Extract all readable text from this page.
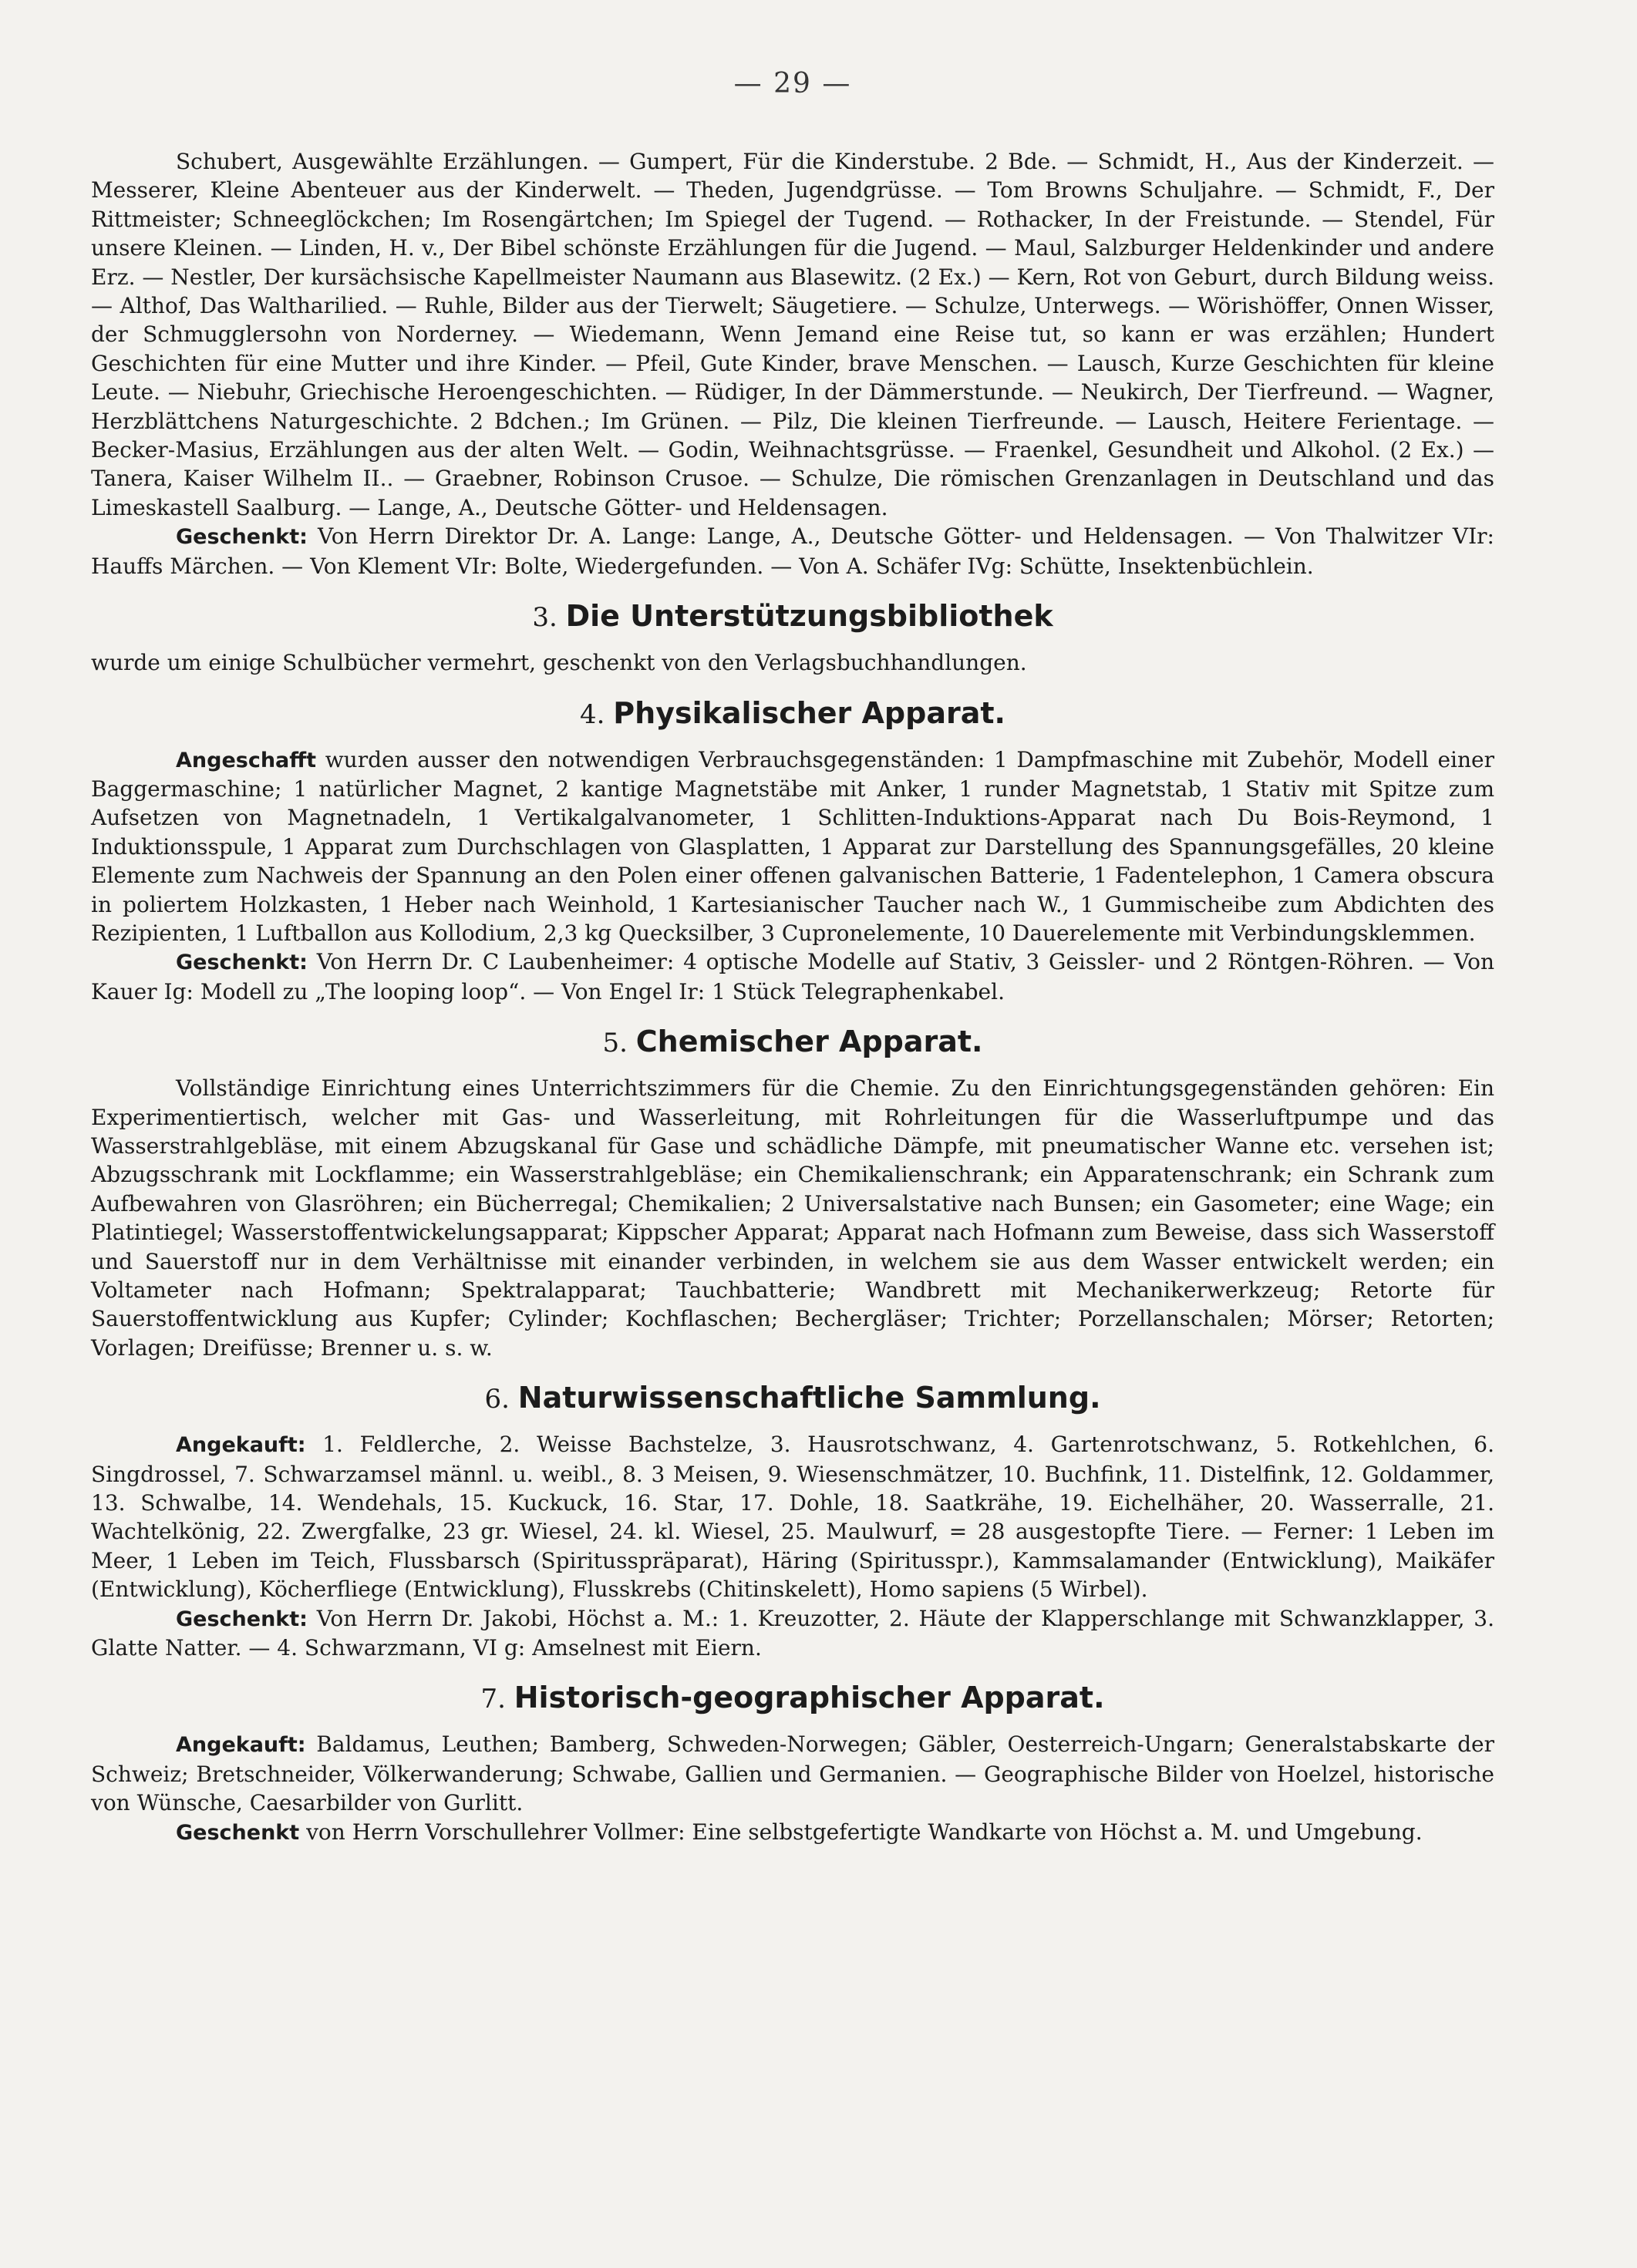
— 29 —

Schubert, Ausgewählte Erzählungen. — Gumpert, Für die Kinderstube. 2 Bde. — Schmidt, H., Aus der Kinderzeit. — Messerer, Kleine Abenteuer aus der Kinderwelt. — Theden, Jugendgrüsse. — Tom Browns Schuljahre. — Schmidt, F., Der Rittmeister; Schneeglöckchen; Im Rosengärtchen; Im Spiegel der Tugend. — Rothacker, In der Freistunde. — Stendel, Für unsere Kleinen. — Linden, H. v., Der Bibel schönste Erzählungen für die Jugend. — Maul, Salzburger Heldenkinder und andere Erz. — Nestler, Der kursächsische Kapellmeister Naumann aus Blasewitz. (2 Ex.) — Kern, Rot von Geburt, durch Bildung weiss. — Althof, Das Waltharilied. — Ruhle, Bilder aus der Tierwelt; Säugetiere. — Schulze, Unterwegs. — Wörishöffer, Onnen Wisser, der Schmugglersohn von Norderney. — Wiedemann, Wenn Jemand eine Reise tut, so kann er was erzählen; Hundert Geschichten für eine Mutter und ihre Kinder. — Pfeil, Gute Kinder, brave Menschen. — Lausch, Kurze Geschichten für kleine Leute. — Niebuhr, Griechische Heroengeschichten. — Rüdiger, In der Dämmerstunde. — Neukirch, Der Tierfreund. — Wagner, Herzblättchens Naturgeschichte. 2 Bdchen.; Im Grünen. — Pilz, Die kleinen Tierfreunde. — Lausch, Heitere Ferientage. — Becker-Masius, Erzählungen aus der alten Welt. — Godin, Weihnachtsgrüsse. — Fraenkel, Gesundheit und Alkohol. (2 Ex.) — Tanera, Kaiser Wilhelm II.. — Graebner, Robinson Crusoe. — Schulze, Die römischen Grenzanlagen in Deutschland und das Limeskastell Saalburg. — Lange, A., Deutsche Götter- und Heldensagen.

Geschenkt: Von Herrn Direktor Dr. A. Lange: Lange, A., Deutsche Götter- und Heldensagen. — Von Thalwitzer VIr: Hauffs Märchen. — Von Klement VIr: Bolte, Wiedergefunden. — Von A. Schäfer IVg: Schütte, Insektenbüchlein.

3. Die Unterstützungsbibliothek

wurde um einige Schulbücher vermehrt, geschenkt von den Verlagsbuchhandlungen.

4. Physikalischer Apparat.

Angeschafft wurden ausser den notwendigen Verbrauchsgegenständen: 1 Dampfmaschine mit Zubehör, Modell einer Baggermaschine; 1 natürlicher Magnet, 2 kantige Magnetstäbe mit Anker, 1 runder Magnetstab, 1 Stativ mit Spitze zum Aufsetzen von Magnetnadeln, 1 Vertikalgalvanometer, 1 Schlitten-Induktions-Apparat nach Du Bois-Reymond, 1 Induktionsspule, 1 Apparat zum Durchschlagen von Glasplatten, 1 Apparat zur Darstellung des Spannungsgefälles, 20 kleine Elemente zum Nachweis der Spannung an den Polen einer offenen galvanischen Batterie, 1 Fadentelephon, 1 Camera obscura in poliertem Holzkasten, 1 Heber nach Weinhold, 1 Kartesianischer Taucher nach W., 1 Gummischeibe zum Abdichten des Rezipienten, 1 Luftballon aus Kollodium, 2,3 kg Quecksilber, 3 Cupronelemente, 10 Dauerelemente mit Verbindungsklemmen.

Geschenkt: Von Herrn Dr. C Laubenheimer: 4 optische Modelle auf Stativ, 3 Geissler- und 2 Röntgen-Röhren. — Von Kauer Ig: Modell zu „The looping loop“. — Von Engel Ir: 1 Stück Telegraphenkabel.

5. Chemischer Apparat.

Vollständige Einrichtung eines Unterrichtszimmers für die Chemie. Zu den Einrichtungsgegenständen gehören: Ein Experimentiertisch, welcher mit Gas- und Wasserleitung, mit Rohrleitungen für die Wasserluftpumpe und das Wasserstrahlgebläse, mit einem Abzugskanal für Gase und schädliche Dämpfe, mit pneumatischer Wanne etc. versehen ist; Abzugsschrank mit Lockflamme; ein Wasserstrahlgebläse; ein Chemikalienschrank; ein Apparatenschrank; ein Schrank zum Aufbewahren von Glasröhren; ein Bücherregal; Chemikalien; 2 Universalstative nach Bunsen; ein Gasometer; eine Wage; ein Platintiegel; Wasserstoffentwickelungsapparat; Kippscher Apparat; Apparat nach Hofmann zum Beweise, dass sich Wasserstoff und Sauerstoff nur in dem Verhältnisse mit einander verbinden, in welchem sie aus dem Wasser entwickelt werden; ein Voltameter nach Hofmann; Spektralapparat; Tauchbatterie; Wandbrett mit Mechanikerwerkzeug; Retorte für Sauerstoffentwicklung aus Kupfer; Cylinder; Kochflaschen; Bechergläser; Trichter; Porzellanschalen; Mörser; Retorten; Vorlagen; Dreifüsse; Brenner u. s. w.

6. Naturwissenschaftliche Sammlung.

Angekauft: 1. Feldlerche, 2. Weisse Bachstelze, 3. Hausrotschwanz, 4. Gartenrotschwanz, 5. Rotkehlchen, 6. Singdrossel, 7. Schwarzamsel männl. u. weibl., 8. 3 Meisen, 9. Wiesenschmätzer, 10. Buchfink, 11. Distelfink, 12. Goldammer, 13. Schwalbe, 14. Wendehals, 15. Kuckuck, 16. Star, 17. Dohle, 18. Saatkrähe, 19. Eichelhäher, 20. Wasserralle, 21. Wachtelkönig, 22. Zwergfalke, 23 gr. Wiesel, 24. kl. Wiesel, 25. Maulwurf, = 28 ausgestopfte Tiere. — Ferner: 1 Leben im Meer, 1 Leben im Teich, Flussbarsch (Spiritusspräparat), Häring (Spiritusspr.), Kammsalamander (Entwicklung), Maikäfer (Entwicklung), Köcherfliege (Entwicklung), Flusskrebs (Chitinskelett), Homo sapiens (5 Wirbel).

Geschenkt: Von Herrn Dr. Jakobi, Höchst a. M.: 1. Kreuzotter, 2. Häute der Klapperschlange mit Schwanzklapper, 3. Glatte Natter. — 4. Schwarzmann, VI g: Amselnest mit Eiern.

7. Historisch-geographischer Apparat.

Angekauft: Baldamus, Leuthen; Bamberg, Schweden-Norwegen; Gäbler, Oesterreich-Ungarn; Generalstabskarte der Schweiz; Bretschneider, Völkerwanderung; Schwabe, Gallien und Germanien. — Geographische Bilder von Hoelzel, historische von Wünsche, Caesarbilder von Gurlitt.

Geschenkt von Herrn Vorschullehrer Vollmer: Eine selbstgefertigte Wandkarte von Höchst a. M. und Umgebung.
